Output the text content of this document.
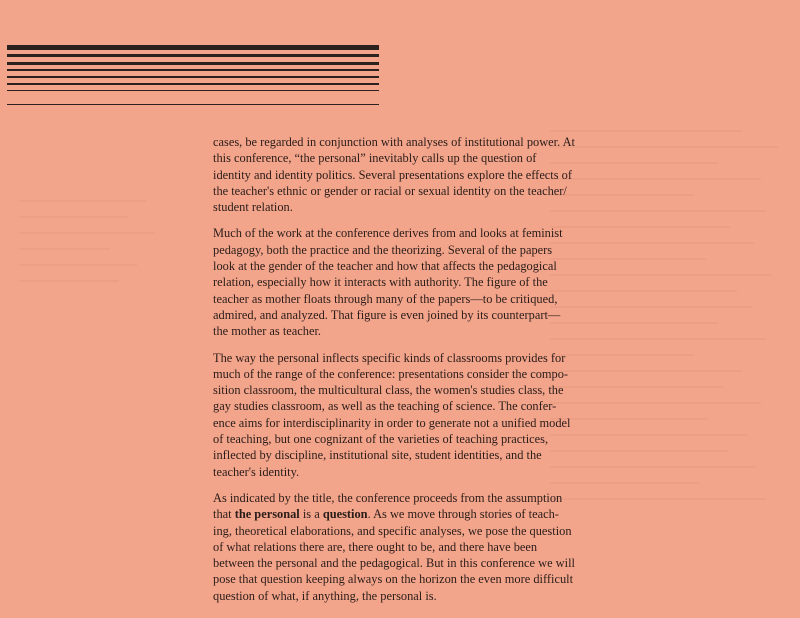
cases, be regarded in conjunction with analyses of institutional power. At this conference, “the personal” inevitably calls up the question of identity and identity politics. Several presentations explore the effects of the teacher's ethnic or gender or racial or sexual identity on the teacher/ student relation.

Much of the work at the conference derives from and looks at feminist pedagogy, both the practice and the theorizing. Several of the papers look at the gender of the teacher and how that affects the pedagogical relation, especially how it interacts with authority. The figure of the teacher as mother floats through many of the papers—to be critiqued, admired, and analyzed. That figure is even joined by its counterpart—the mother as teacher.

The way the personal inflects specific kinds of classrooms provides for much of the range of the conference: presentations consider the compo-sition classroom, the multicultural class, the women's studies class, the gay studies classroom, as well as the teaching of science. The confer-ence aims for interdisciplinarity in order to generate not a unified model of teaching, but one cognizant of the varieties of teaching practices, inflected by discipline, institutional site, student identities, and the teacher's identity.

As indicated by the title, the conference proceeds from the assumption that the personal is a question. As we move through stories of teach-ing, theoretical elaborations, and specific analyses, we pose the question of what relations there are, there ought to be, and there have been between the personal and the pedagogical. But in this conference we will pose that question keeping always on the horizon the even more difficult question of what, if anything, the personal is.
